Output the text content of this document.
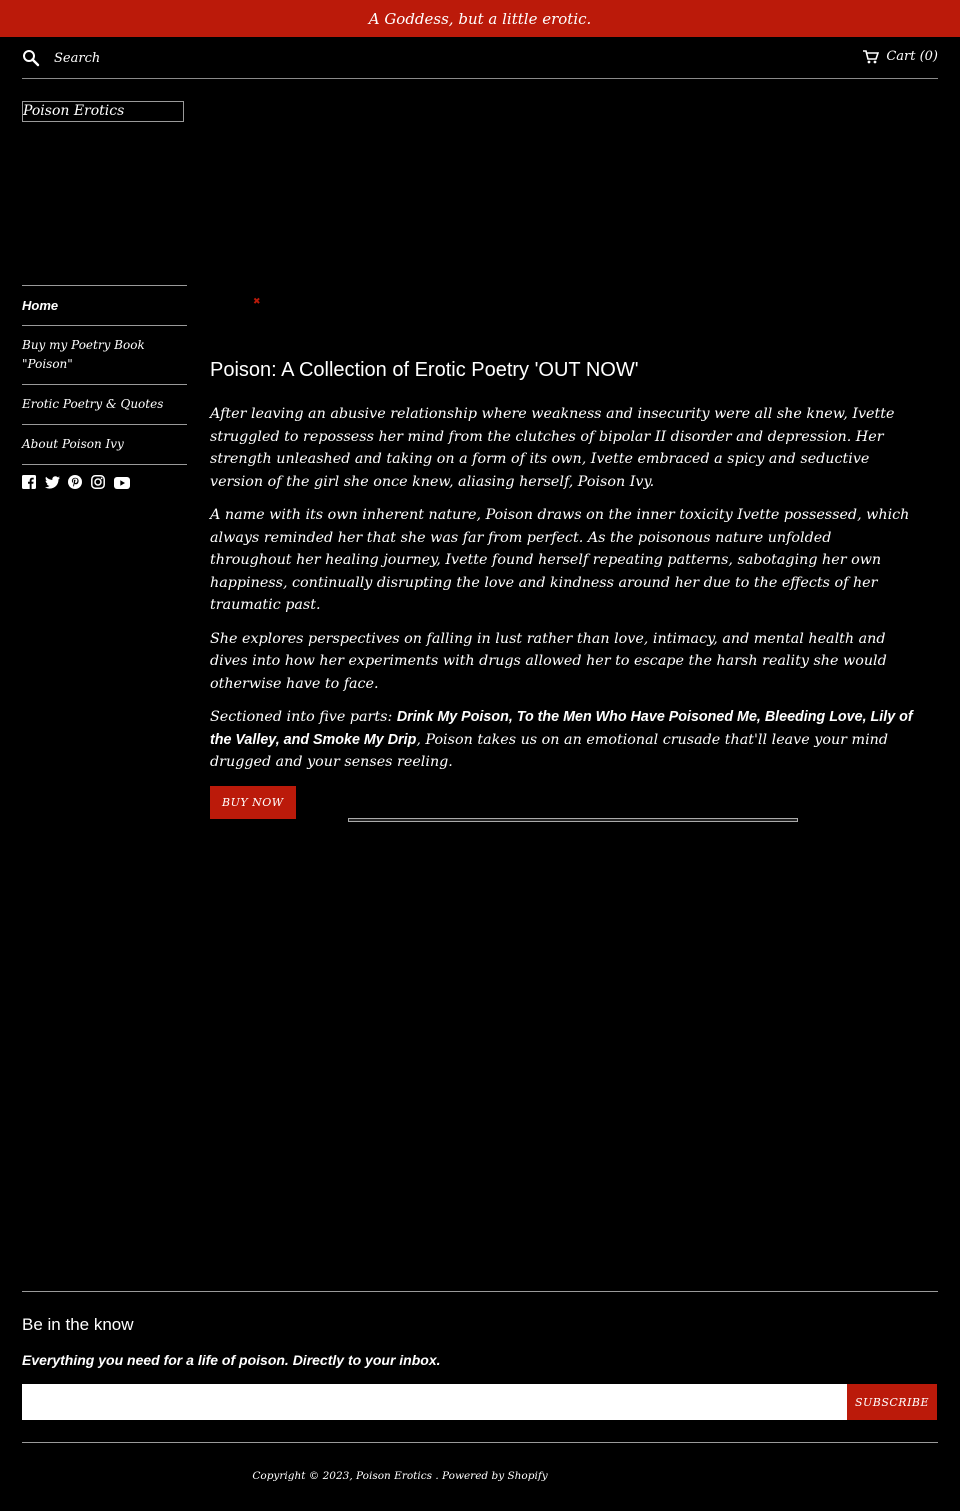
A Goddess, but a little erotic.
Search
Cart (0)
Poison Erotics
Home
Buy my Poetry Book "Poison"
Erotic Poetry & Quotes
About Poison Ivy
✖
Poison: A Collection of Erotic Poetry 'OUT NOW'

After leaving an abusive relationship where weakness and insecurity were all she knew, Ivette struggled to repossess her mind from the clutches of bipolar II disorder and depression. Her strength unleashed and taking on a form of its own, Ivette embraced a spicy and seductive version of the girl she once knew, aliasing herself, Poison Ivy.

A name with its own inherent nature, Poison draws on the inner toxicity Ivette possessed, which always reminded her that she was far from perfect. As the poisonous nature unfolded throughout her healing journey, Ivette found herself repeating patterns, sabotaging her own happiness, continually disrupting the love and kindness around her due to the effects of her traumatic past.

She explores perspectives on falling in lust rather than love, intimacy, and mental health and dives into how her experiments with drugs allowed her to escape the harsh reality she would otherwise have to face.

Sectioned into five parts: Drink My Poison, To the Men Who Have Poisoned Me, Bleeding Love, Lily of the Valley, and Smoke My Drip, Poison takes us on an emotional crusade that'll leave your mind drugged and your senses reeling.

BUY NOW
Be in the know
Everything you need for a life of poison. Directly to your inbox.
SUBSCRIBE
Copyright © 2023, Poison Erotics . Powered by Shopify
